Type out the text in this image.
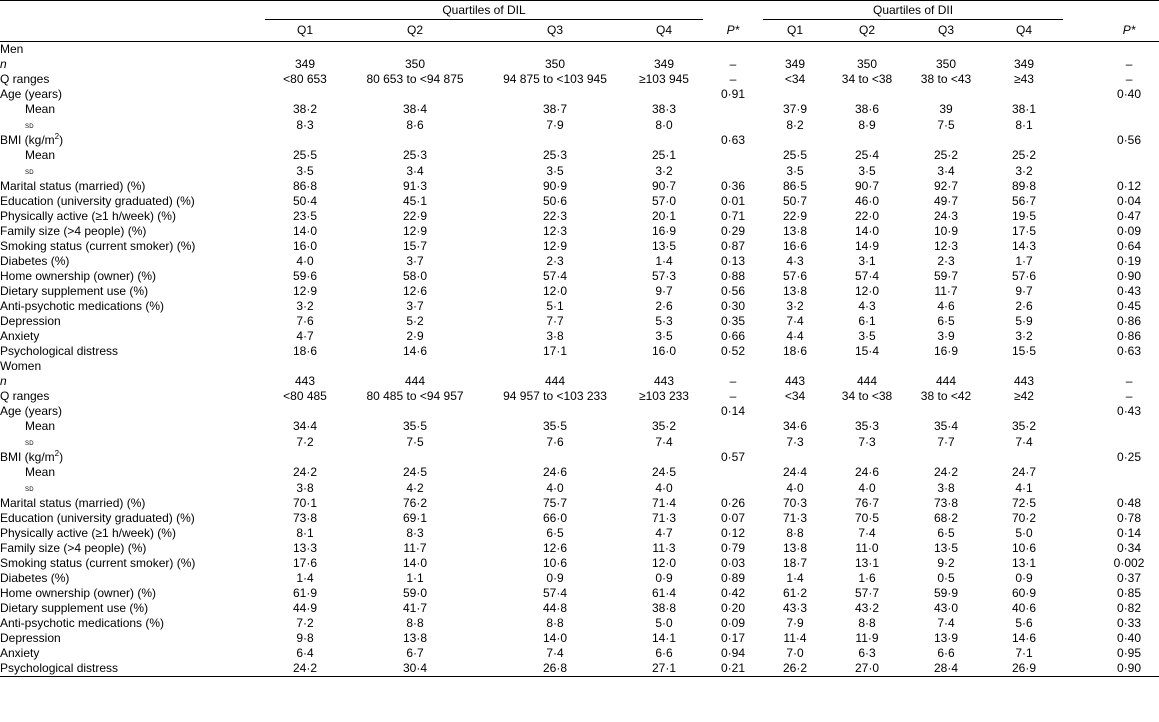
	Quartiles of DIL					Quartiles of DII					
	Q1	Q2	Q3	Q4	P*	Q1	Q2	Q3	Q4		P*
Men											
n	349	350	350	349	–	349	350	350	349		–
Q ranges	<80 653	80 653 to <94 875	94 875 to <103 945	≥103 945	–	<34	34 to <38	38 to <43	≥43		–
Age (years)					0·91						0·40
Mean	38·2	38·4	38·7	38·3		37·9	38·6	39	38·1		
sd	8·3	8·6	7·9	8·0		8·2	8·9	7·5	8·1		
BMI $(kg/m^2)$					0·63						0·56
Mean	25·5	25·3	25·3	25·1		25·5	25·4	25·2	25·2		
sd	3·5	3·4	3·5	3·2		3·5	3·5	3·4	3·2		
Marital status (married) (%)	86·8	91·3	90·9	90·7	0·36	86·5	90·7	92·7	89·8		0·12
Education (university graduated) (%)	50·4	45·1	50·6	57·0	0·01	50·7	46·0	49·7	56·7		0·04
Physically active (≥1 h/week) (%)	23·5	22·9	22·3	20·1	0·71	22·9	22·0	24·3	19·5		0·47
Family size (>4 people) (%)	14·0	12·9	12·3	16·9	0·29	13·8	14·0	10·9	17·5		0·09
Smoking status (current smoker) (%)	16·0	15·7	12·9	13·5	0·87	16·6	14·9	12·3	14·3		0·64
Diabetes (%)	4·0	3·7	2·3	1·4	0·13	4·3	3·1	2·3	1·7		0·19
Home ownership (owner) (%)	59·6	58·0	57·4	57·3	0·88	57·6	57·4	59·7	57·6		0·90
Dietary supplement use (%)	12·9	12·6	12·0	9·7	0·56	13·8	12·0	11·7	9·7		0·43
Anti-psychotic medications (%)	3·2	3·7	5·1	2·6	0·30	3·2	4·3	4·6	2·6		0·45
Depression	7·6	5·2	7·7	5·3	0·35	7·4	6·1	6·5	5·9		0·86
Anxiety	4·7	2·9	3·8	3·5	0·66	4·4	3·5	3·9	3·2		0·86
Psychological distress	18·6	14·6	17·1	16·0	0·52	18·6	15·4	16·9	15·5		0·63
Women											
n	443	444	444	443	–	443	444	444	443		–
Q ranges	<80 485	80 485 to <94 957	94 957 to <103 233	≥103 233	–	<34	34 to <38	38 to <42	≥42		–
Age (years)					0·14						0·43
Mean	34·4	35·5	35·5	35·2		34·6	35·3	35·4	35·2		
sd	7·2	7·5	7·6	7·4		7·3	7·3	7·7	7·4		
BMI $(kg/m^2)$					0·57						0·25
Mean	24·2	24·5	24·6	24·5		24·4	24·6	24·2	24·7		
sd	3·8	4·2	4·0	4·0		4·0	4·0	3·8	4·1		
Marital status (married) (%)	70·1	76·2	75·7	71·4	0·26	70·3	76·7	73·8	72·5		0·48
Education (university graduated) (%)	73·8	69·1	66·0	71·3	0·07	71·3	70·5	68·2	70·2		0·78
Physically active (≥1 h/week) (%)	8·1	8·3	6·5	4·7	0·12	8·8	7·4	6·5	5·0		0·14
Family size (>4 people) (%)	13·3	11·7	12·6	11·3	0·79	13·8	11·0	13·5	10·6		0·34
Smoking status (current smoker) (%)	17·6	14·0	10·6	12·0	0·03	18·7	13·1	9·2	13·1		0·002
Diabetes (%)	1·4	1·1	0·9	0·9	0·89	1·4	1·6	0·5	0·9		0·37
Home ownership (owner) (%)	61·9	59·0	57·4	61·4	0·42	61·2	57·7	59·9	60·9		0·85
Dietary supplement use (%)	44·9	41·7	44·8	38·8	0·20	43·3	43·2	43·0	40·6		0·82
Anti-psychotic medications (%)	7·2	8·8	8·8	5·0	0·09	7·9	8·8	7·4	5·6		0·33
Depression	9·8	13·8	14·0	14·1	0·17	11·4	11·9	13·9	14·6		0·40
Anxiety	6·4	6·7	7·4	6·6	0·94	7·0	6·3	6·6	7·1		0·95
Psychological distress	24·2	30·4	26·8	27·1	0·21	26·2	27·0	28·4	26·9		0·90
